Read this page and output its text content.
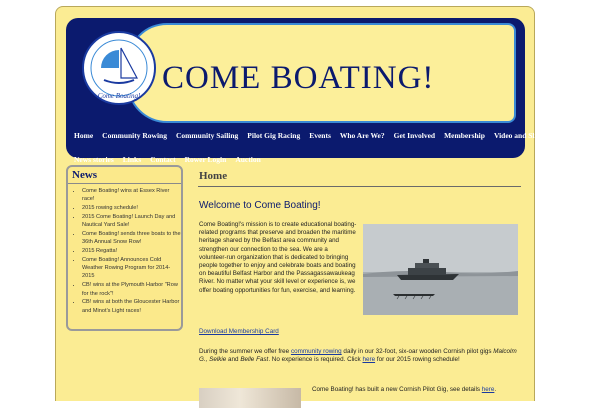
Come Boating! COME BOATING!
Home Community Rowing Community Sailing Pilot Gig Racing Events Who Are We? Get Involved Membership Video and Slideshows
News stories Links Contact Rower Login Auction
News
• Come Boating! wins at Essex River race!
• 2015 rowing schedule!
• 2015 Come Boating! Launch Day and Nautical Yard Sale!
• Come Boating! sends three boats to the 36th Annual Snow Row!
• 2015 Regatta!
• Come Boating! Announces Cold Weather Rowing Program for 2014-2015
• CB! wins at the Plymouth Harbor "Row for the rock"!
• CB! wins at both the Gloucester Harbor and Minot's Light races!
Home
Welcome to Come Boating!
Come Boating!'s mission is to create educational boating-related programs that preserve and broaden the maritime heritage shared by the Belfast area community and strengthen our connection to the sea. We are a volunteer-run organization that is dedicated to bringing people together to enjoy and celebrate boats and boating on beautiful Belfast Harbor and the Passagassawaukeag River. No matter what your skill level or experience is, we offer boating opportunities for fun, exercise, and learning.
Download Membership Card
During the summer we offer free community rowing daily in our 32-foot, six-oar wooden Cornish pilot gigs Malcolm G., Selkie and Belle Fast. No experience is required. Click here for our 2015 rowing schedule!
Come Boating! has built a new Cornish Pilot Gig, see details here.
